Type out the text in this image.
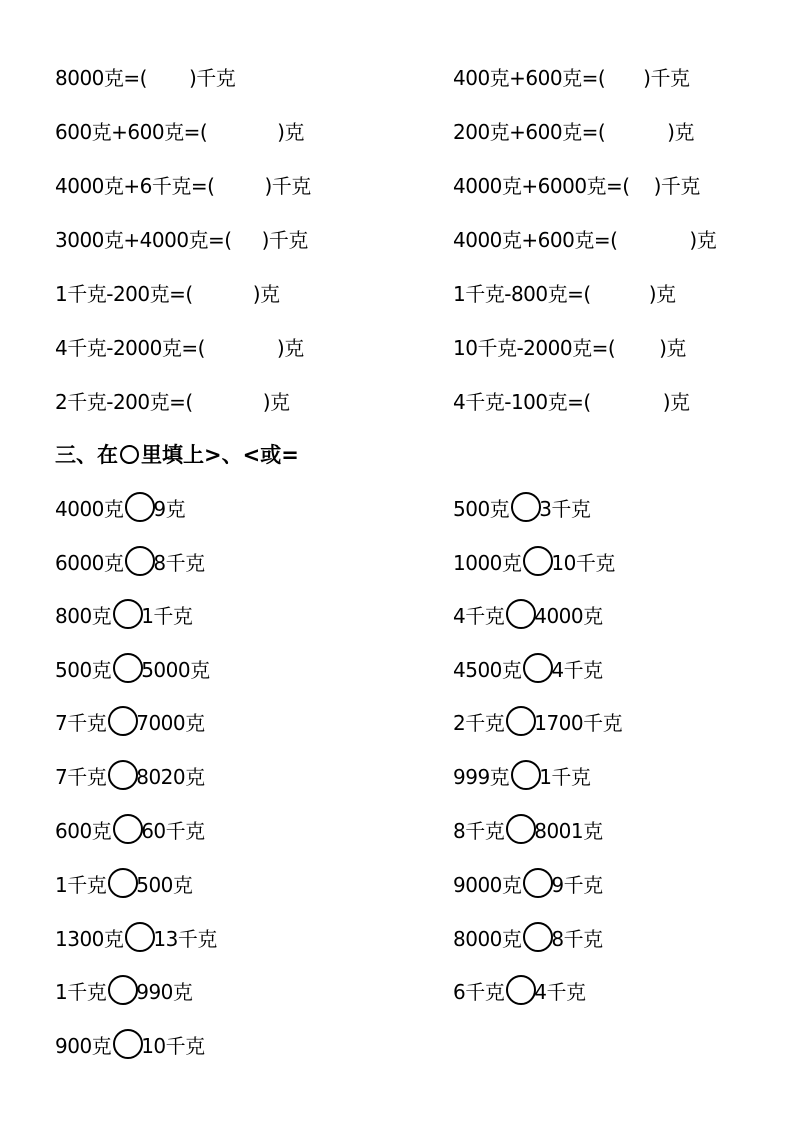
8000克=( )千克	400克+600克=( )千克
600克+600克=(	)克	200克+600克=(	)克
4000克+6千克=(	)千克	4000克+6000克=( )千克
3000克+4000克=( )千克	4000克+600克=(	)克
1千克-200克=(	)克	1千克-800克=(	)克
4千克-2000克=(	)克	10千克-2000克=( )克
2千克-200克=(	)克	4千克-100克=(	)克
三、在 里填上>、<或=
4000克 9克	500克 3千克
6000克 8千克	1000克 10千克
800克 1千克	4千克 4000克
500克 5000克	4500克 4千克
7千克 7000克	2千克 1700千克
7千克 8020克	999克 1千克
600克 60千克	8千克 8001克
1千克 500克	9000克 9千克
1300克 13千克	8000克 8千克
1千克 990克	6千克 4千克
900克 10千克
